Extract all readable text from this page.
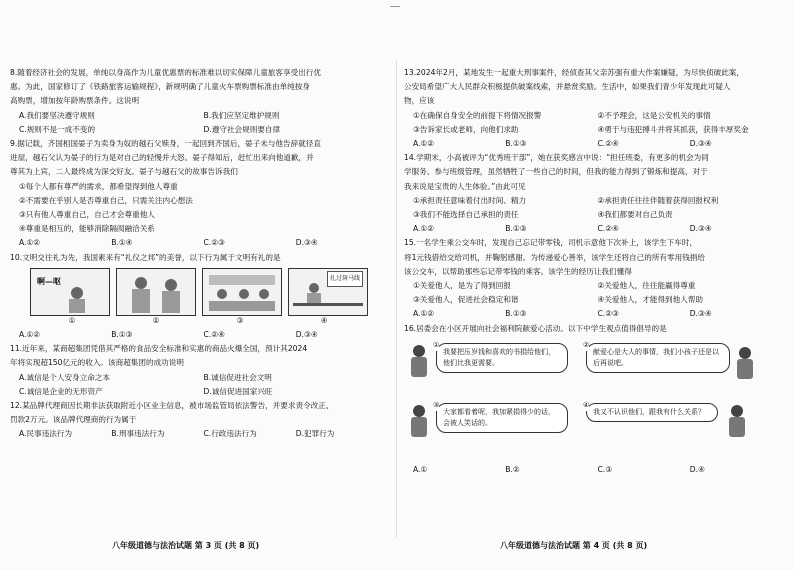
8.随着经济社会的发展，单纯以身高作为儿童优惠票的标准难以切实保障儿童旅客享受出行优
惠。为此，国家修订了《铁路旅客运输规程》，新规明确了儿童火车票购票标准由单纯按身
高购票，增加按年龄购票条件。这说明
A.我们要坚决遵守规则	B.我们应坚定维护规则
C.规则不是一成不变的	D.遵守社会规则要自律
9.据记载，齐国相国晏子为卖身为奴的越石父赎身，一起回到齐国后，晏子未与他告辞就径直
进屋，越石父认为晏子的行为是对自己的轻慢并大怒。晏子得知后，赶忙出来向他道歉，并
尊其为上宾，二人最终成为深交好友。晏子与越石父的故事告诉我们
①每个人都有尊严的需求，都希望得到他人尊重
②不需要在乎别人是否尊重自己，只需关注内心想法
③只有他人尊重自己，自己才会尊重他人
④尊重是相互的，能够消除隔阂融洽关系
A.①②	B.①④	C.②③	D.③④
10.文明交往礼为先，我国素来有“礼仪之邦”的美誉，以下行为属于文明有礼的是
啊—呕	扎过斑马线
①	②	③	④
A.①②	B.①③	C.②④	D.③④
11.近年来，某商超集团凭借其严格的食品安全标准和实惠的商品火爆全国，预计其2024
年将实现超150亿元的收入。该商超集团的成功说明
A.诚信是个人安身立命之本	B.诚信促进社会文明
C.诚信是企业的无形资产	D.诚信促进国家兴旺
12.某品牌代理商因长期非法获取附近小区业主信息，被市场监管局依法警告，并要求责令改正、
罚款2万元。该品牌代理商的行为属于
A.民事违法行为	B.刑事违法行为	C.行政违法行为	D.犯罪行为
13.2024年2月，某地发生一起重大刑事案件，经侦查其父亲苏强有重大作案嫌疑，为尽快侦破此案，
公安局希望广大人民群众积极提供破案线索，并悬赏奖励。生活中，如果我们青少年发现此可疑人
物，应该
①在确保自身安全的前提下将情况报警	②不予理会，这是公安机关的事情
③告诉家长或老师，向他们求助	④勇于与违犯搏斗并将其抓获，获得丰厚奖金
A.①②	B.①③	C.②④	D.③④
14.学期末，小高被评为“优秀班干部”，她在获奖感言中说：“担任班委，有更多的机会为同
学服务、参与班级管理，虽然牺牲了一些自己的时间，但我的能力得到了锻炼和提高，对于
我来说是宝贵的人生体验。”由此可见
①承担责任意味着付出时间、精力	②承担责任往往伴随着获得回报权利
③我们不能选择自己承担的责任	④我们都要对自己负责
A.①②	B.①③	C.②④	D.③④
15.一名学生乘公交车时，发现自己忘记带零钱，司机示意他下次补上，该学生下车时，
将1元钱借给交给司机，并鞠躬感谢。为传递爱心善举，该学生还将自己的所有零用钱捐给
该公交车，以帮助那些忘记带零钱的乘客。该学生的经历让我们懂得
①关爱他人，是为了得到回报	②关爱他人，往往能赢得尊重
③关爱他人，促进社会稳定和谐	④关爱他人，才能得到他人帮助
A.①②	B.①③	C.②③	D.③④
16.居委会在小区开展向社会福利院献爱心活动。以下中学生观点值得倡导的是
①
我要把压岁钱和喜欢的书捐给他们，他们比我更需要。
②
献爱心是大人的事情，我们小孩子还是以后再说吧。
③
大家都看着呢，我加紧捐得少的话，会被人笑话的。
④
我又不认识他们，跟我有什么关系？
A.①	B.②	C.③	D.④
八年级道德与法治试题 第 3 页 (共 8 页)	八年级道德与法治试题 第 4 页 (共 8 页)
